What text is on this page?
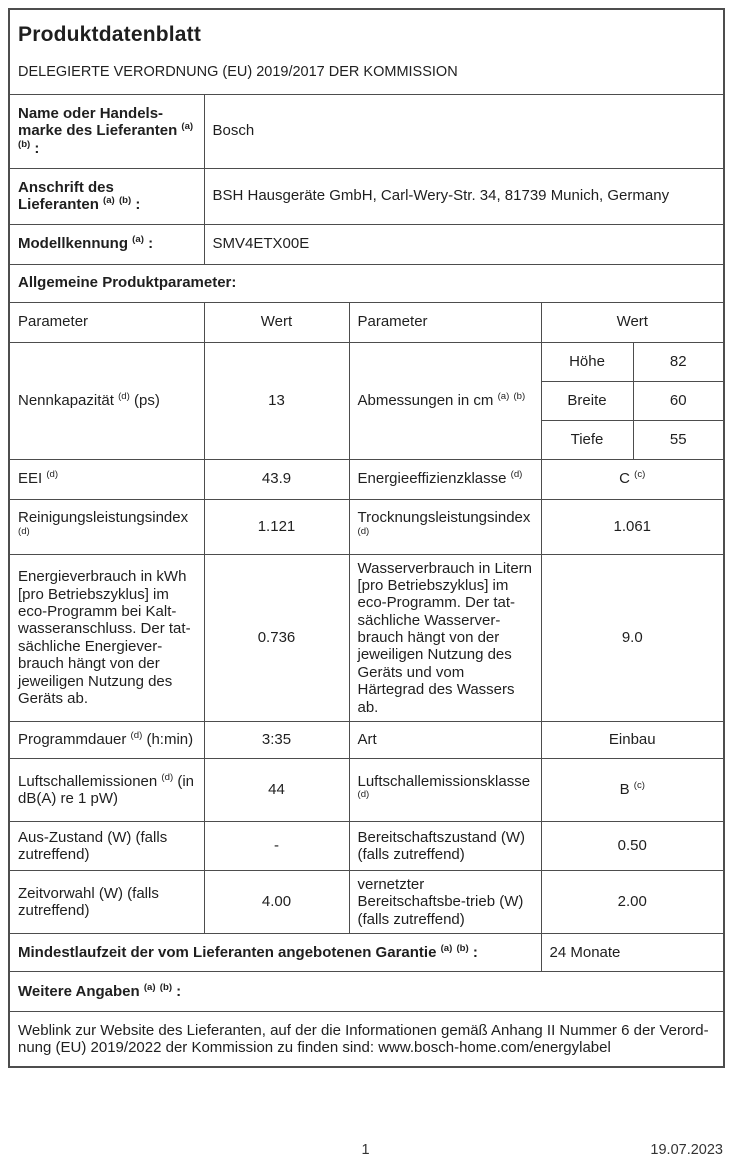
Produktdatenblatt
DELEGIERTE VERORDNUNG (EU) 2019/2017 DER KOMMISSION				

Name oder Handels-marke des Lieferanten $^{(a)}$ $^{(b)}$ :	Bosch			
Anschrift des Lieferanten $^{(a)}$ $^{(b)}$ :	BSH Hausgeräte GmbH, Carl-Wery-Str. 34, 81739 Munich, Germany			
Modellkennung $^{(a)}$ :	SMV4ETX00E			
Allgemeine Produktparameter:				
Parameter	Wert	Parameter	Wert	
Nennkapazität $^{(d)}$ (ps)	13	Abmessungen in cm $^{(a)}$ $^{(b)}$	Höhe	82
			Breite	60
			Tiefe	55
EEI $^{(d)}$	43.9	Energieeffizienzklasse $^{(d)}$	C $^{(c)}$
Reinigungsleistungsindex $^{(d)}$	1.121	Trocknungsleistungsindex $^{(d)}$	1.061	
Energieverbrauch in kWh [pro Betriebszyklus] im eco-Programm bei Kalt-wasseranschluss. Der tat-sächliche Energiever-brauch hängt von der jeweiligen Nutzung des Geräts ab.	0.736	Wasserverbrauch in Litern [pro Betriebszyklus] im eco-Programm. Der tat-sächliche Wasserver-brauch hängt von der jeweiligen Nutzung des Geräts und vom Härtegrad des Wassers ab.	9.0	
Programmdauer $^{(d)}$ (h:min)	3:35	Art	Einbau	
Luftschallemissionen $^{(d)}$ (in dB(A) re 1 pW)	44	Luftschallemissionsklasse $^{(d)}$	B $^{(c)}$
Aus-Zustand (W) (falls zutreffend)	-	Bereitschaftszustand (W) (falls zutreffend)	0.50	
Zeitvorwahl (W) (falls zutreffend)	4.00	vernetzter Bereitschaftsbe-trieb (W) (falls zutreffend)	2.00	
Mindestlaufzeit der vom Lieferanten angebotenen Garantie $^{(a)}$ $^{(b)}$ :			24 Monate	
Weitere Angaben $^{(a)}$ $^{(b)}$ :				
Weblink zur Website des Lieferanten, auf der die Informationen gemäß Anhang II Nummer 6 der Verord-nung (EU) 2019/2022 der Kommission zu finden sind: www.bosch-home.com/energylabel				
1	19.07.2023
